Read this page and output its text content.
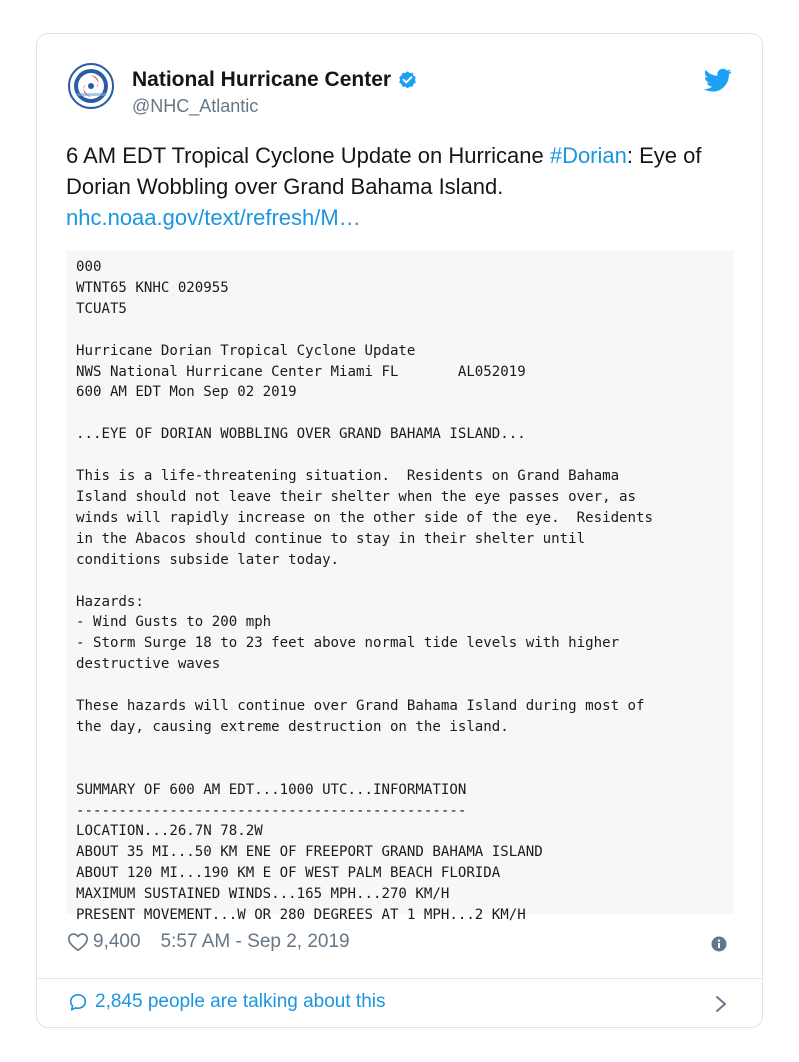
National Hurricane Center
@NHC_Atlantic
6 AM EDT Tropical Cyclone Update on Hurricane #Dorian: Eye of Dorian Wobbling over Grand Bahama Island.
nhc.noaa.gov/text/refresh/M…
000
WTNT65 KNHC 020955
TCUAT5

Hurricane Dorian Tropical Cyclone Update
NWS National Hurricane Center Miami FL       AL052019
600 AM EDT Mon Sep 02 2019

...EYE OF DORIAN WOBBLING OVER GRAND BAHAMA ISLAND...

This is a life-threatening situation.  Residents on Grand Bahama
Island should not leave their shelter when the eye passes over, as
winds will rapidly increase on the other side of the eye.  Residents
in the Abacos should continue to stay in their shelter until
conditions subside later today.

Hazards:
- Wind Gusts to 200 mph
- Storm Surge 18 to 23 feet above normal tide levels with higher
destructive waves

These hazards will continue over Grand Bahama Island during most of
the day, causing extreme destruction on the island.

SUMMARY OF 600 AM EDT...1000 UTC...INFORMATION
----------------------------------------------
LOCATION...26.7N 78.2W
ABOUT 35 MI...50 KM ENE OF FREEPORT GRAND BAHAMA ISLAND
ABOUT 120 MI...190 KM E OF WEST PALM BEACH FLORIDA
MAXIMUM SUSTAINED WINDS...165 MPH...270 KM/H
PRESENT MOVEMENT...W OR 280 DEGREES AT 1 MPH...2 KM/H
9,400 5:57 AM - Sep 2, 2019
2,845 people are talking about this
